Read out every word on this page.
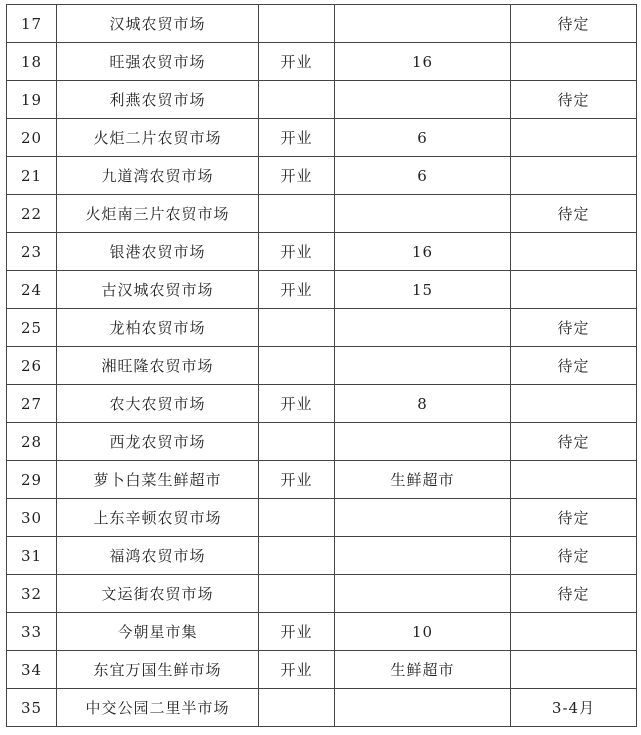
17	汉城农贸市场			待定
18	旺强农贸市场	开业	16	
19	利燕农贸市场			待定
20	火炬二片农贸市场	开业	6	
21	九道湾农贸市场	开业	6	
22	火炬南三片农贸市场			待定
23	银港农贸市场	开业	16	
24	古汉城农贸市场	开业	15	
25	龙柏农贸市场			待定
26	湘旺隆农贸市场			待定
27	农大农贸市场	开业	8	
28	西龙农贸市场			待定
29	萝卜白菜生鲜超市	开业	生鲜超市	
30	上东辛顿农贸市场			待定
31	福鸿农贸市场			待定
32	文运街农贸市场			待定
33	今朝星市集	开业	10	
34	东宜万国生鲜市场	开业	生鲜超市	
35	中交公园二里半市场			3-4月
